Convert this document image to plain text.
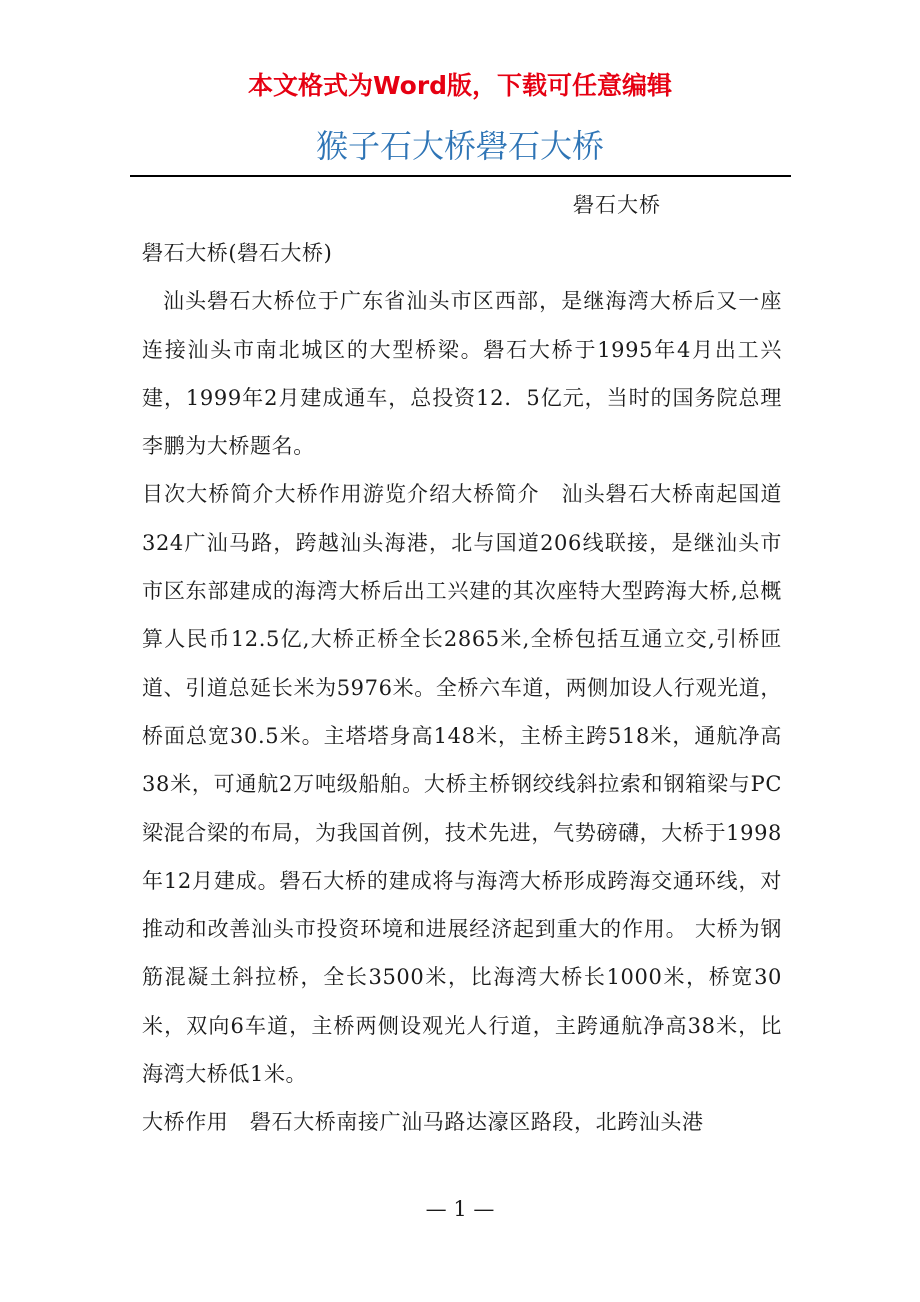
本文格式为Word版，下载可任意编辑

猴子石大桥礐石大桥

礐石大桥

礐石大桥(礐石大桥)

汕头礐石大桥位于广东省汕头市区西部，是继海湾大桥后又一座连接汕头市南北城区的大型桥梁。礐石大桥于1995年4月出工兴建，1999年2月建成通车，总投资12．5亿元，当时的国务院总理李鹏为大桥题名。

目次大桥简介大桥作用游览介绍大桥简介　汕头礐石大桥南起国道324广汕马路，跨越汕头海港，北与国道206线联接，是继汕头市市区东部建成的海湾大桥后出工兴建的其次座特大型跨海大桥,总概算人民币12.5亿,大桥正桥全长2865米,全桥包括互通立交,引桥匝道、引道总延长米为5976米。全桥六车道，两侧加设人行观光道，桥面总宽30.5米。主塔塔身高148米，主桥主跨518米，通航净高38米，可通航2万吨级船舶。大桥主桥钢绞线斜拉索和钢箱梁与PC梁混合梁的布局，为我国首例，技术先进，气势磅礴，大桥于1998年12月建成。礐石大桥的建成将与海湾大桥形成跨海交通环线，对推动和改善汕头市投资环境和进展经济起到重大的作用。 大桥为钢筋混凝土斜拉桥，全长3500米，比海湾大桥长1000米，桥宽30米，双向6车道，主桥两侧设观光人行道，主跨通航净高38米，比海湾大桥低1米。

大桥作用　礐石大桥南接广汕马路达濠区路段，北跨汕头港

— 1 —
